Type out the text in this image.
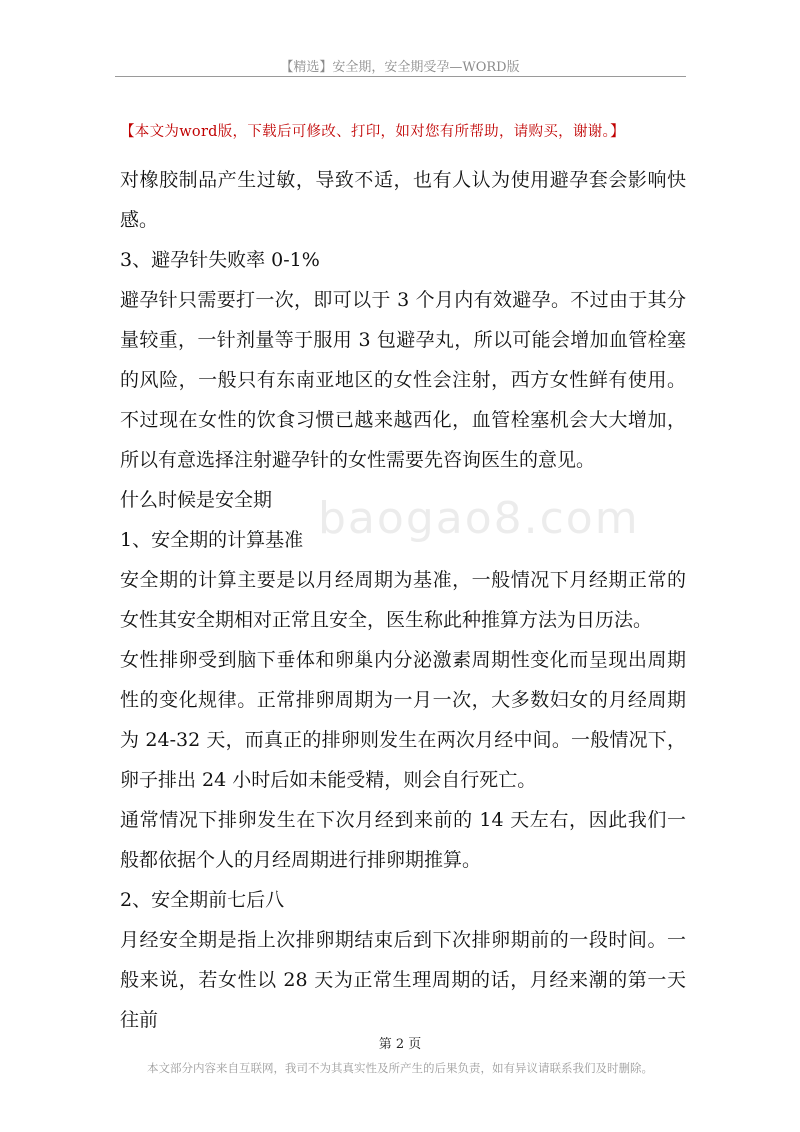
【精选】安全期，安全期受孕—WORD版
【本文为word版，下载后可修改、打印，如对您有所帮助，请购买，谢谢。】
baogao8.com

对橡胶制品产生过敏，导致不适，也有人认为使用避孕套会影响快感。

3、避孕针失败率 0-1%

避孕针只需要打一次，即可以于 3 个月内有效避孕。不过由于其分量较重，一针剂量等于服用 3 包避孕丸，所以可能会增加血管栓塞的风险，一般只有东南亚地区的女性会注射，西方女性鲜有使用。不过现在女性的饮食习惯已越来越西化，血管栓塞机会大大增加，所以有意选择注射避孕针的女性需要先咨询医生的意见。

什么时候是安全期

1、安全期的计算基准

安全期的计算主要是以月经周期为基准，一般情况下月经期正常的女性其安全期相对正常且安全，医生称此种推算方法为日历法。

女性排卵受到脑下垂体和卵巢内分泌激素周期性变化而呈现出周期性的变化规律。正常排卵周期为一月一次，大多数妇女的月经周期为 24-32 天，而真正的排卵则发生在两次月经中间。一般情况下，卵子排出 24 小时后如未能受精，则会自行死亡。

通常情况下排卵发生在下次月经到来前的 14 天左右，因此我们一般都依据个人的月经周期进行排卵期推算。

2、安全期前七后八

月经安全期是指上次排卵期结束后到下次排卵期前的一段时间。一般来说，若女性以 28 天为正常生理周期的话，月经来潮的第一天往前

第 2 页
本文部分内容来自互联网，我司不为其真实性及所产生的后果负责，如有异议请联系我们及时删除。
